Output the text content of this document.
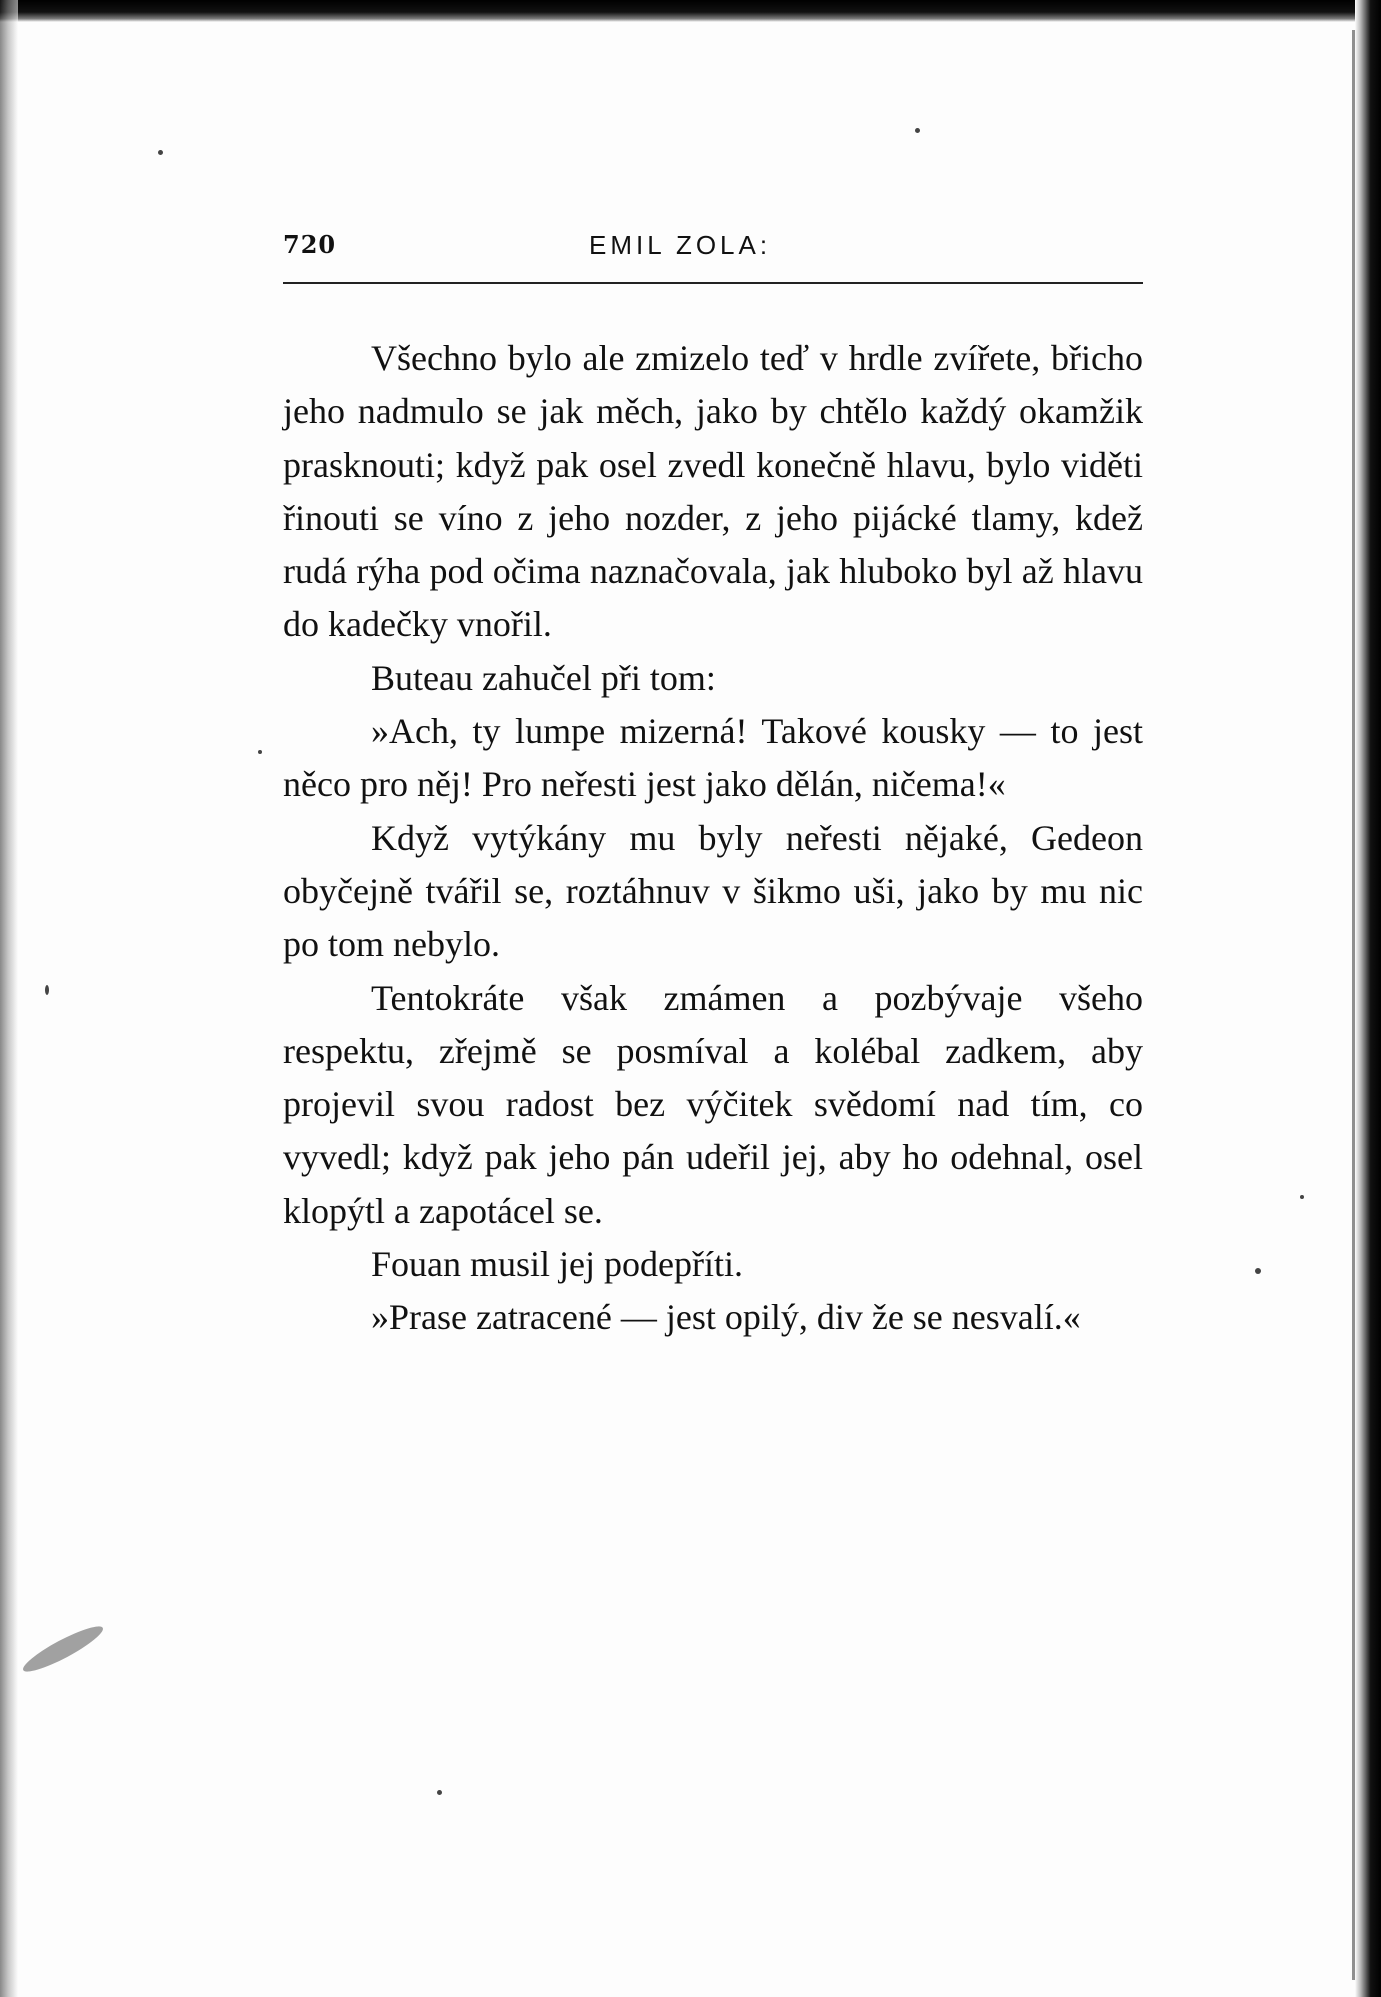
720	EMIL ZOLA:

Všechno bylo ale zmizelo teď v hrdle zvířete, břicho jeho nadmulo se jak měch, jako by chtělo každý okamžik prasknouti; když pak osel zvedl konečně hlavu, bylo viděti řinouti se víno z jeho nozder, z jeho pijácké tlamy, kdež rudá rýha pod očima naznačovala, jak hluboko byl až hlavu do kadečky vnořil.

Buteau zahučel při tom:

»Ach, ty lumpe mizerná! Takové kousky — to jest něco pro něj! Pro neřesti jest jako dělán, ničema!«

Když vytýkány mu byly neřesti nějaké, Gedeon obyčejně tvářil se, roztáhnuv v šikmo uši, jako by mu nic po tom nebylo.

Tentokráte však zmámen a pozbývaje všeho respektu, zřejmě se posmíval a kolébal zadkem, aby projevil svou radost bez výčitek svědomí nad tím, co vyvedl; když pak jeho pán udeřil jej, aby ho odehnal, osel klopýtl a zapotácel se.

Fouan musil jej podepříti.

»Prase zatracené — jest opilý, div že se nesvalí.«
